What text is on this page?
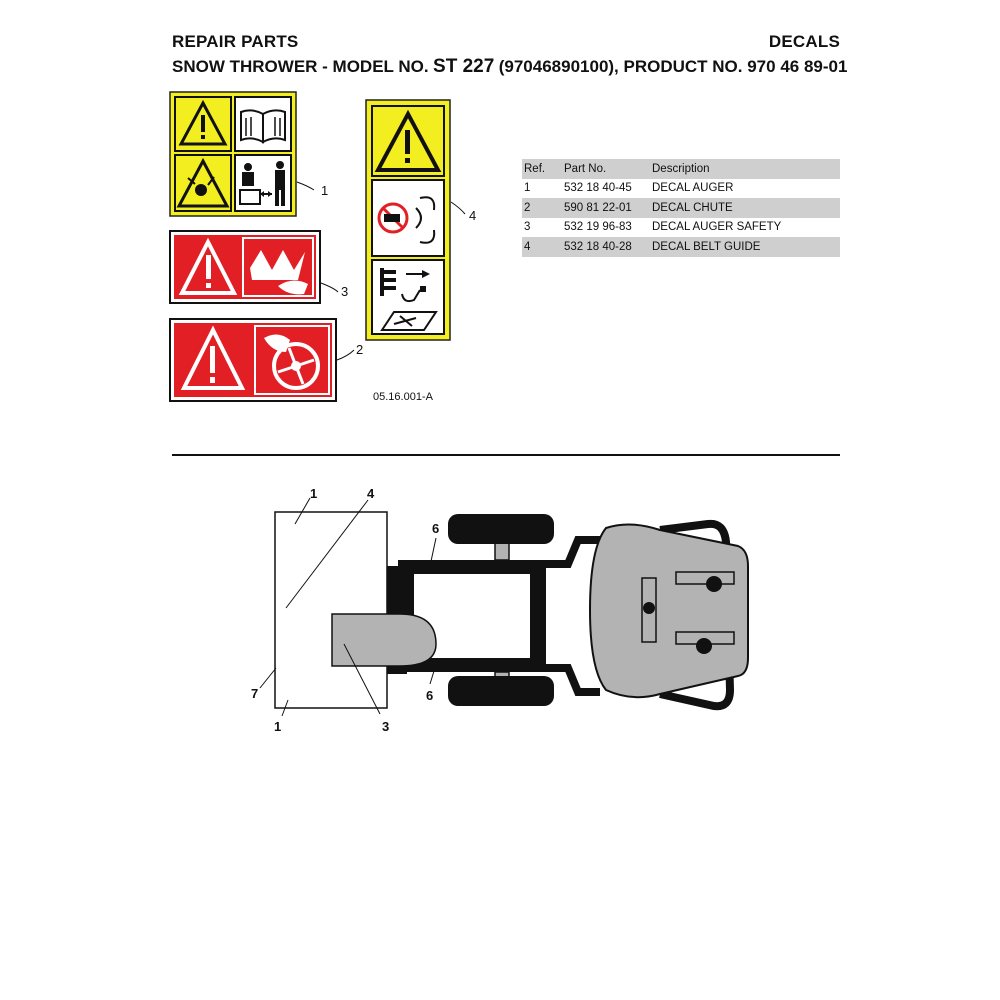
REPAIR PARTS	DECALS
SNOW THROWER - MODEL NO. ST 227 (97046890100), PRODUCT NO. 970 46 89-01
1
3
2
4
05.16.001-A
Ref.	Part No.	Description
1	532 18 40-45	DECAL AUGER
2	590 81 22-01	DECAL CHUTE
3	532 19 96-83	DECAL AUGER SAFETY
4	532 18 40-28	DECAL BELT GUIDE
1	4
6
7
1	3
6
